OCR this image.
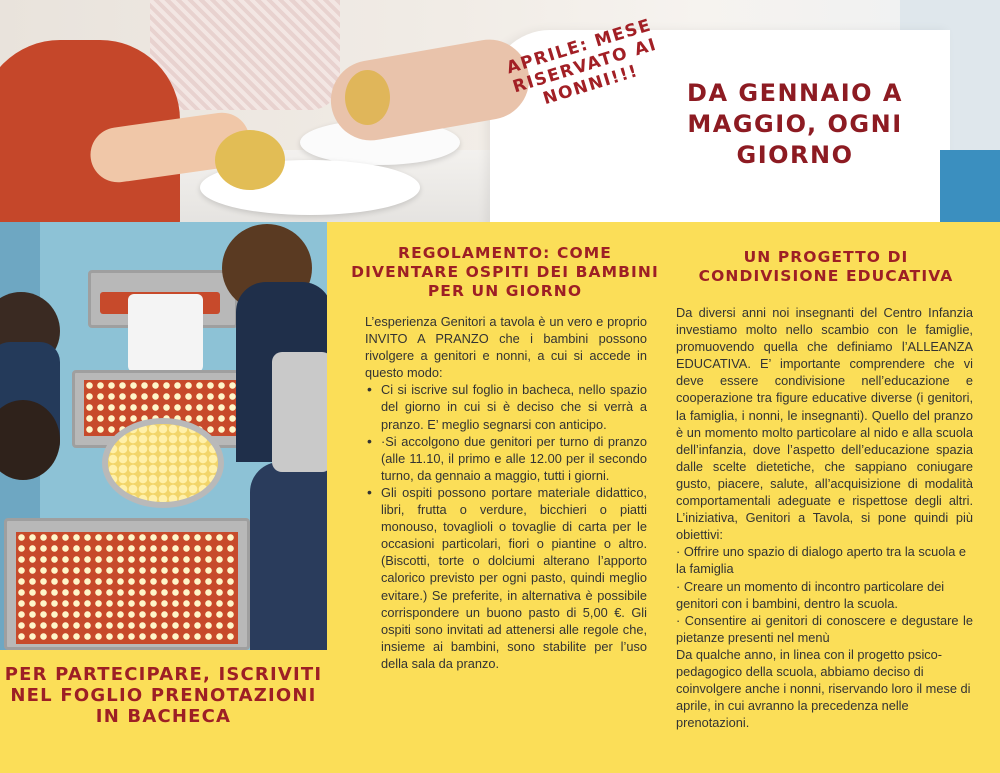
APRILE: MESE RISERVATO AI NONNI!!!	DA GENNAIO A MAGGIO, OGNI GIORNO
PER PARTECIPARE, ISCRIVITI NEL FOGLIO PRENOTAZIONI IN BACHECA
REGOLAMENTO: COME DIVENTARE OSPITI DEI BAMBINI PER UN GIORNO

L’esperienza Genitori a tavola è un vero e proprio INVITO A PRANZO che i bambini possono rivolgere a genitori e nonni, a cui si accede in questo modo:

• Ci si iscrive sul foglio in bacheca, nello spazio del giorno in cui si è deciso che si verrà a pranzo. E’ meglio segnarsi con anticipo.
• ·Si accolgono due genitori per turno di pranzo (alle 11.10, il primo e alle 12.00 per il secondo turno, da gennaio a maggio, tutti i giorni.
• Gli ospiti possono portare materiale didattico, libri, frutta o verdure, bicchieri o piatti monouso, tovaglioli o tovaglie di carta per le occasioni particolari, fiori o piantine o altro. (Biscotti, torte o dolciumi alterano l’apporto calorico previsto per ogni pasto, quindi meglio evitare.) Se preferite, in alternativa è possibile corrispondere un buono pasto di 5,00 €. Gli ospiti sono invitati ad attenersi alle regole che, insieme ai bambini, sono stabilite per l’uso della sala da pranzo.
UN PROGETTO DI CONDIVISIONE EDUCATIVA

Da diversi anni noi insegnanti del Centro Infanzia investiamo molto nello scambio con le famiglie, promuovendo quella che definiamo l’ALLEANZA EDUCATIVA. E’ importante comprendere che vi deve essere condivisione nell’educazione e cooperazione tra figure educative diverse (i genitori, la famiglia, i nonni, le insegnanti). Quello del pranzo è un momento molto particolare al nido e alla scuola dell’infanzia, dove l’aspetto dell’educazione spazia dalle scelte dietetiche, che sappiano coniugare gusto, piacere, salute, all’acquisizione di modalità comportamentali adeguate e rispettose degli altri. L’iniziativa, Genitori a Tavola, si pone quindi più obiettivi:

· Offrire uno spazio di dialogo aperto tra la scuola e la famiglia

· Creare un momento di incontro particolare dei genitori con i bambini, dentro la scuola.

· Consentire ai genitori di conoscere e degustare le pietanze presenti nel menù

Da qualche anno, in linea con il progetto psico-pedagogico della scuola, abbiamo deciso di coinvolgere anche i nonni, riservando loro il mese di aprile, in cui avranno la precedenza nelle prenotazioni.
